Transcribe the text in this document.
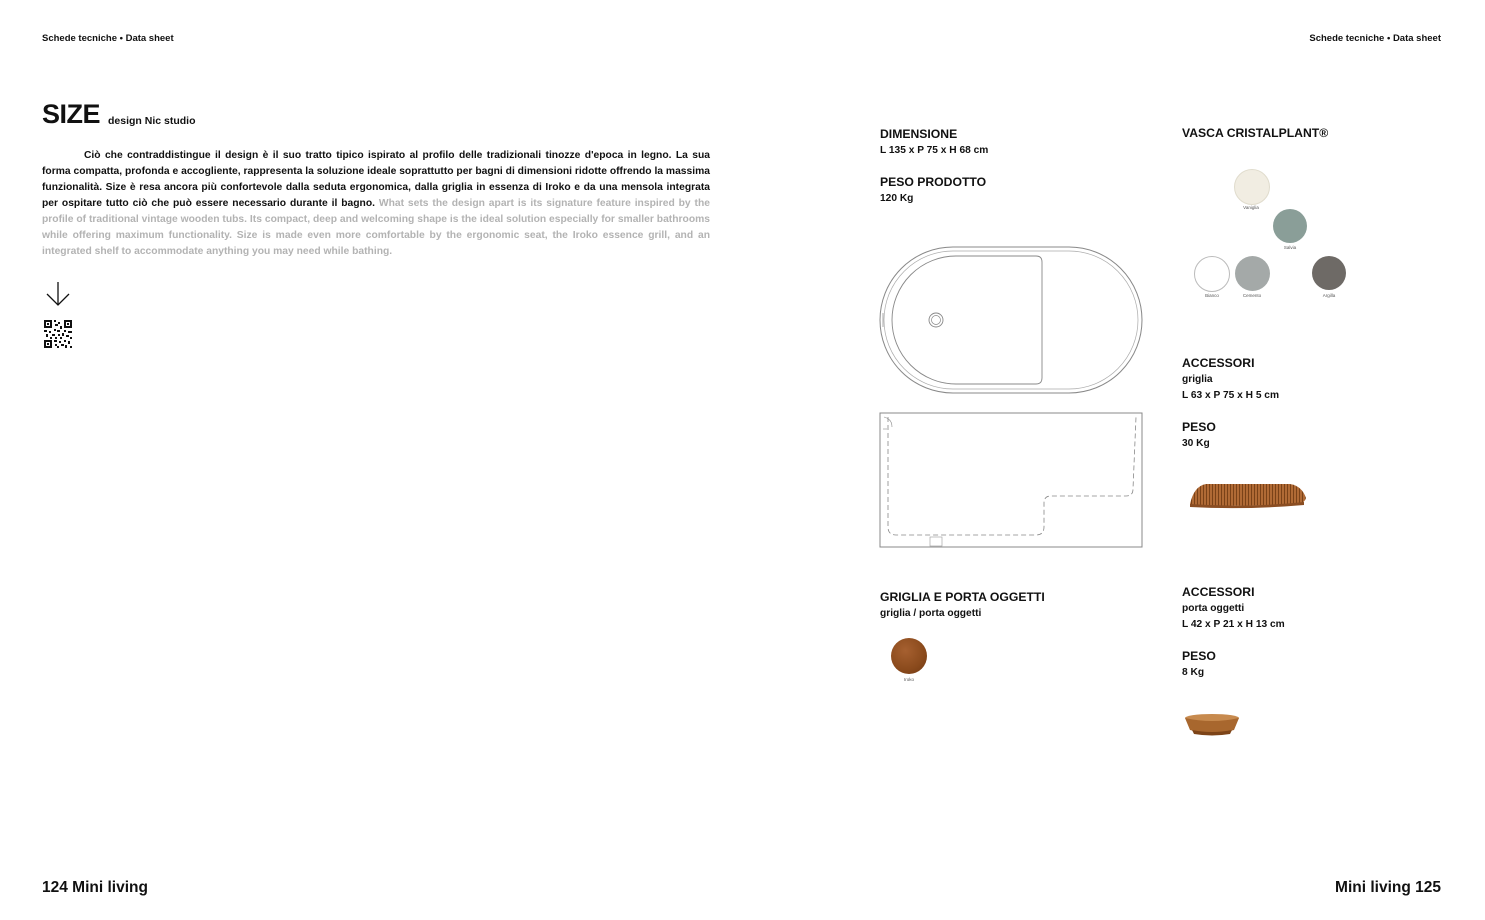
Schede tecniche • Data sheet	Schede tecniche • Data sheet
SIZE design Nic studio

Ciò che contraddistingue il design è il suo tratto tipico ispirato al profilo delle tradizionali tinozze d'epoca in legno. La sua forma compatta, profonda e accogliente, rappresenta la soluzione ideale soprattutto per bagni di dimensioni ridotte offrendo la massima funzionalità. Size è resa ancora più confortevole dalla seduta ergonomica, dalla griglia in essenza di Iroko e da una mensola integrata per ospitare tutto ciò che può essere necessario durante il bagno. What sets the design apart is its signature feature inspired by the profile of traditional vintage wooden tubs. Its compact, deep and welcoming shape is the ideal solution especially for smaller bathrooms while offering maximum functionality. Size is made even more comfortable by the ergonomic seat, the Iroko essence grill, and an integrated shelf to accommodate anything you may need while bathing.

DIMENSIONE
L 135 x P 75 x H 68 cm
PESO PRODOTTO
120 Kg
GRIGLIA E PORTA OGGETTI
griglia / porta oggetti
Iroko
VASCA CRISTALPLANT®
Vaniglia
Salvia
Bianco	Cemento	Argilla
ACCESSORI
griglia
L 63 x P 75 x H 5 cm
PESO
30 Kg
ACCESSORI
porta oggetti
L 42 x P 21 x H 13 cm
PESO
8 Kg
124 Mini living	Mini living 125
